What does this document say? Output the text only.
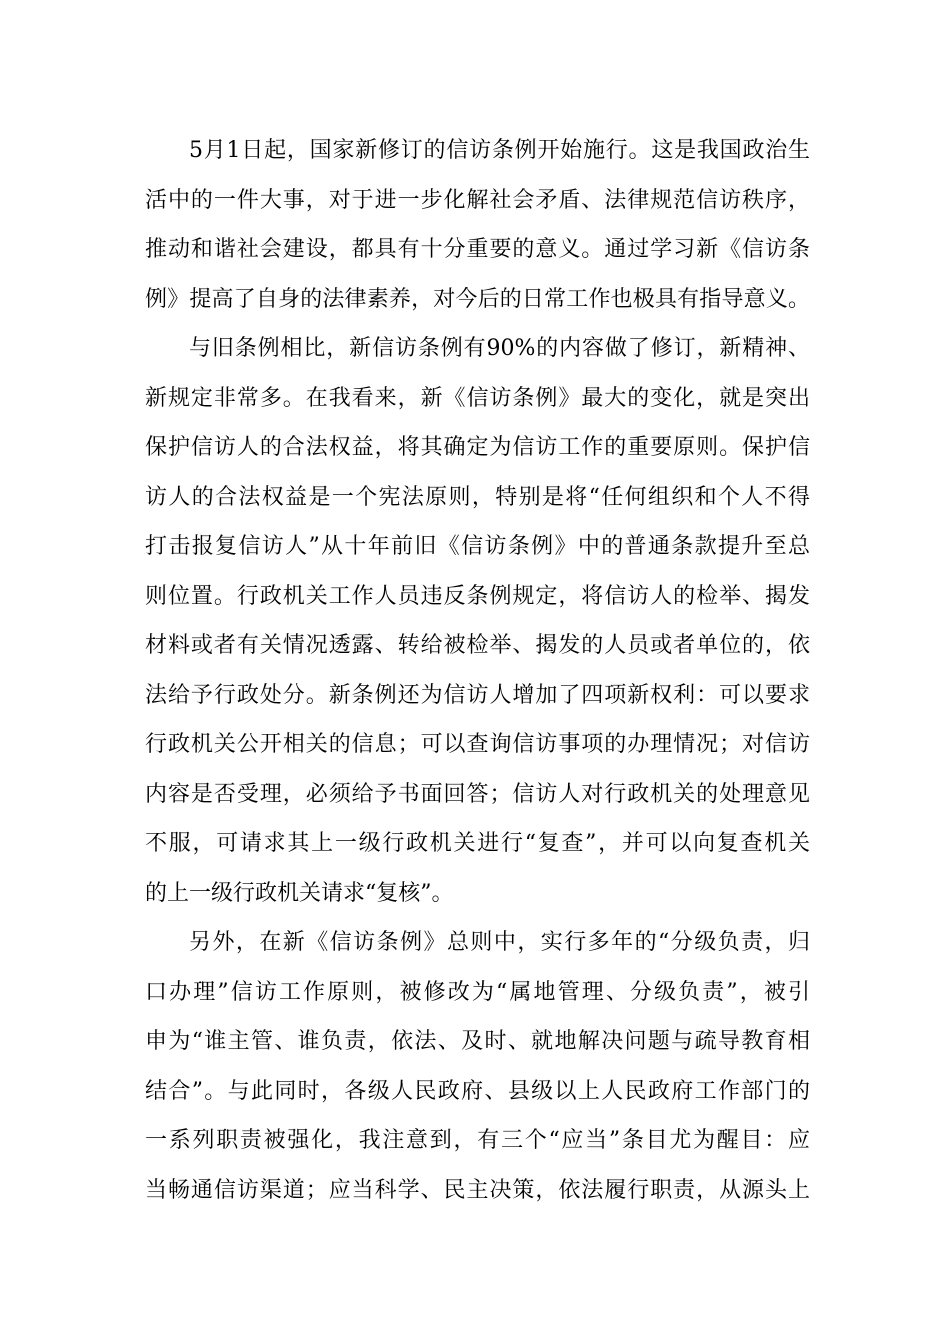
5月1日起，国家新修订的信访条例开始施行。这是我国政治生
活中的一件大事，对于进一步化解社会矛盾、法律规范信访秩序，
推动和谐社会建设，都具有十分重要的意义。通过学习新《信访条
例》提高了自身的法律素养，对今后的日常工作也极具有指导意义。
与旧条例相比，新信访条例有90%的内容做了修订，新精神、
新规定非常多。在我看来，新《信访条例》最大的变化，就是突出
保护信访人的合法权益，将其确定为信访工作的重要原则。保护信
访人的合法权益是一个宪法原则，特别是将“任何组织和个人不得
打击报复信访人”从十年前旧《信访条例》中的普通条款提升至总
则位置。行政机关工作人员违反条例规定，将信访人的检举、揭发
材料或者有关情况透露、转给被检举、揭发的人员或者单位的，依
法给予行政处分。新条例还为信访人增加了四项新权利：可以要求
行政机关公开相关的信息；可以查询信访事项的办理情况；对信访
内容是否受理，必须给予书面回答；信访人对行政机关的处理意见
不服，可请求其上一级行政机关进行“复查”，并可以向复查机关
的上一级行政机关请求“复核”。
另外，在新《信访条例》总则中，实行多年的“分级负责，归
口办理”信访工作原则，被修改为“属地管理、分级负责”，被引
申为“谁主管、谁负责，依法、及时、就地解决问题与疏导教育相
结合”。与此同时，各级人民政府、县级以上人民政府工作部门的
一系列职责被强化，我注意到，有三个“应当”条目尤为醒目：应
当畅通信访渠道；应当科学、民主决策，依法履行职责，从源头上
